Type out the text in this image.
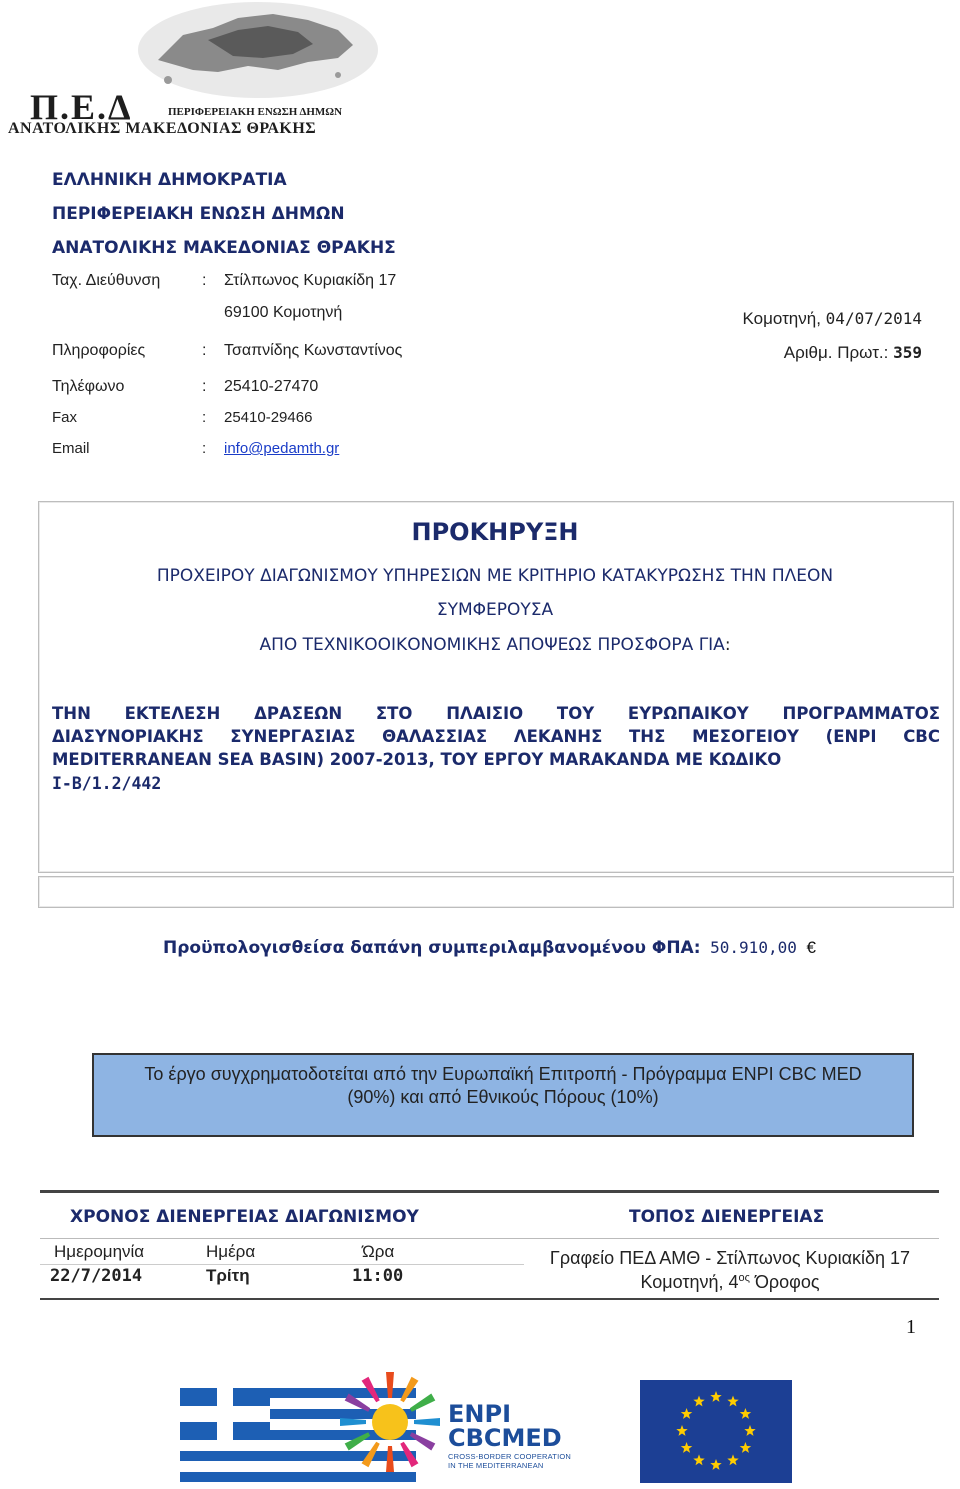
Π.Ε.Δ	ΠΕΡΙΦΕΡΕΙΑΚΗ ΕΝΩΣΗ ΔΗΜΩΝ
ΑΝΑΤΟΛΙΚΗΣ ΜΑΚΕΔΟΝΙΑΣ ΘΡΑΚΗΣ
ΕΛΛΗΝΙΚΗ ΔΗΜΟΚΡΑΤΙΑ
ΠΕΡΙΦΕΡΕΙΑΚΗ ΕΝΩΣΗ ΔΗΜΩΝ
ΑΝΑΤΟΛΙΚΗΣ ΜΑΚΕΔΟΝΙΑΣ ΘΡΑΚΗΣ
Ταχ. Διεύθυνση	: Στίλπωνος Κυριακίδη 17
69100 Κομοτηνή
Πληροφορίες	: Τσαπνίδης Κωνσταντίνος
Τηλέφωνο	: 25410-27470
Fax	: 25410-29466
Email	: info@pedamth.gr
Κομοτηνή, 04/07/2014
Αριθμ. Πρωτ.: 359
ΠΡΟΚΗΡΥΞΗ
ΠΡΟΧΕΙΡΟΥ ΔΙΑΓΩΝΙΣΜΟΥ ΥΠΗΡΕΣΙΩΝ ΜΕ ΚΡΙΤΗΡΙΟ ΚΑΤΑΚΥΡΩΣΗΣ ΤΗΝ ΠΛΕΟΝ
ΣΥΜΦΕΡΟΥΣΑ
ΑΠΟ ΤΕΧΝΙΚΟΟΙΚΟΝΟΜΙΚΗΣ ΑΠΟΨΕΩΣ ΠΡΟΣΦΟΡΑ ΓΙΑ:
ΤΗΝ ΕΚΤΕΛΕΣΗ ΔΡΑΣΕΩΝ ΣΤΟ ΠΛΑΙΣΙΟ ΤΟΥ ΕΥΡΩΠΑΙΚΟΥ ΠΡΟΓΡΑΜΜΑΤΟΣ
ΔΙΑΣΥΝΟΡΙΑΚΗΣ ΣΥΝΕΡΓΑΣΙΑΣ ΘΑΛΑΣΣΙΑΣ ΛΕΚΑΝΗΣ ΤΗΣ ΜΕΣΟΓΕΙΟΥ (ENPI CBC
MEDITERRANEAN SEA BASIN) 2007-2013, ΤΟΥ ΕΡΓΟΥ MARAKANDA ΜΕ ΚΩΔΙΚΟ
I-B/1.2/442
Προϋπολογισθείσα δαπάνη συμπεριλαμβανομένου ΦΠΑ: 50.910,00 €
Το έργο συγχρηματοδοτείται από την Ευρωπαϊκή Επιτροπή - Πρόγραμμα ENPI CBC MED
(90%) και από Εθνικούς Πόρους (10%)
ΧΡΟΝΟΣ ΔΙΕΝΕΡΓΕΙΑΣ ΔΙΑΓΩΝΙΣΜΟΥ	ΤΟΠΟΣ ΔΙΕΝΕΡΓΕΙΑΣ
Ημερομηνία	Ημέρα	Ώρα
22/7/2014	Τρίτη	11:00
Γραφείο ΠΕΔ ΑΜΘ - Στίλπωνος Κυριακίδη 17
Κομοτηνή, $4^{o\varsigma}$ Όροφος
1
ENPI
CBCMED
CROSS-BORDER COOPERATION
IN THE MEDITERRANEAN
